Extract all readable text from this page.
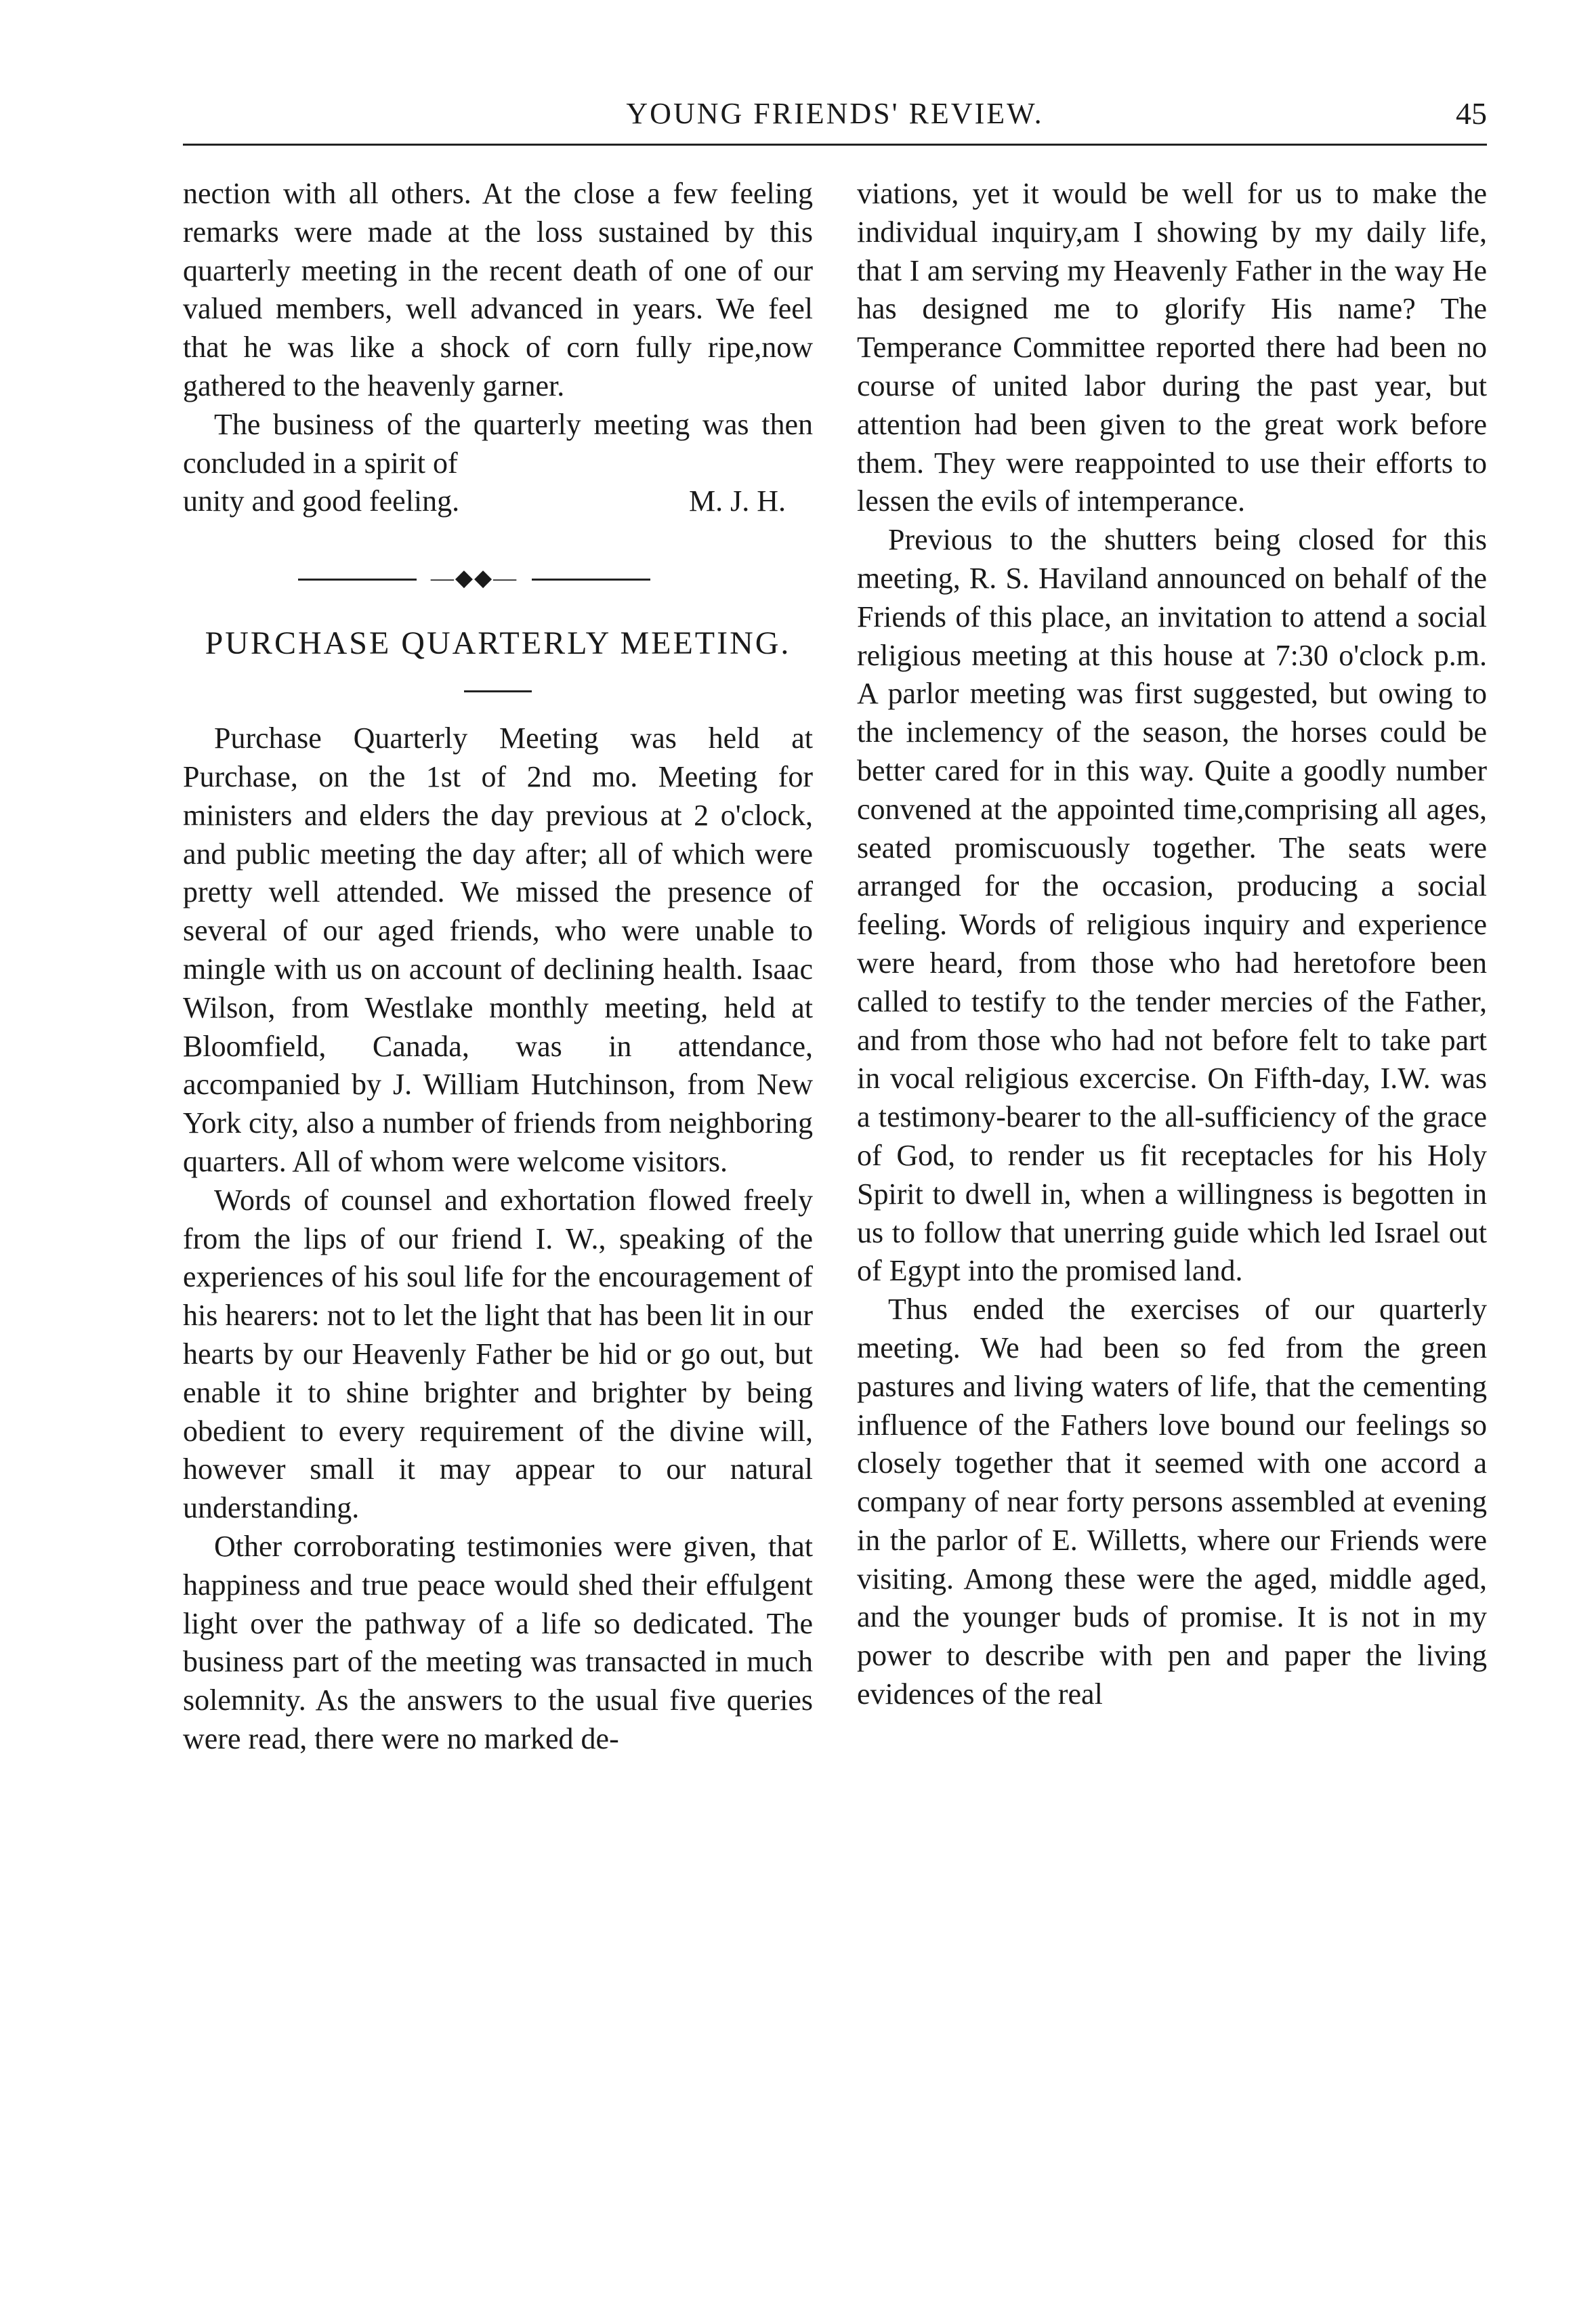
YOUNG FRIENDS' REVIEW.	45

nection with all others. At the close a few feeling remarks were made at the loss sustained by this quarterly meeting in the recent death of one of our valued members, well advanced in years. We feel that he was like a shock of corn fully ripe,now gathered to the heavenly garner.

The business of the quarterly meeting was then concluded in a spirit of

unity and good feeling.	M. J. H.
—◆◆—
PURCHASE QUARTERLY MEETING.

Purchase Quarterly Meeting was held at Purchase, on the 1st of 2nd mo. Meeting for ministers and elders the day previous at 2 o'clock, and public meeting the day after; all of which were pretty well attended. We missed the presence of several of our aged friends, who were unable to mingle with us on account of declining health. Isaac Wilson, from Westlake monthly meeting, held at Bloomfield, Canada, was in attendance, accompanied by J. William Hutchinson, from New York city, also a number of friends from neighboring quarters. All of whom were welcome visitors.

Words of counsel and exhortation flowed freely from the lips of our friend I. W., speaking of the experiences of his soul life for the encouragement of his hearers: not to let the light that has been lit in our hearts by our Heavenly Father be hid or go out, but enable it to shine brighter and brighter by being obedient to every requirement of the divine will, however small it may appear to our natural understanding.

Other corroborating testimonies were given, that happiness and true peace would shed their effulgent light over the pathway of a life so dedicated. The business part of the meeting was transacted in much solemnity. As the answers to the usual five queries were read, there were no marked de-

viations, yet it would be well for us to make the individual inquiry,am I showing by my daily life, that I am serving my Heavenly Father in the way He has designed me to glorify His name? The Temperance Committee reported there had been no course of united labor during the past year, but attention had been given to the great work before them. They were reappointed to use their efforts to lessen the evils of intemperance.

Previous to the shutters being closed for this meeting, R. S. Haviland announced on behalf of the Friends of this place, an invitation to attend a social religious meeting at this house at 7:30 o'clock p.m. A parlor meeting was first suggested, but owing to the inclemency of the season, the horses could be better cared for in this way. Quite a goodly number convened at the appointed time,comprising all ages, seated promiscuously together. The seats were arranged for the occasion, producing a social feeling. Words of religious inquiry and experience were heard, from those who had heretofore been called to testify to the tender mercies of the Father, and from those who had not before felt to take part in vocal religious excercise. On Fifth-day, I.W. was a testimony-bearer to the all-sufficiency of the grace of God, to render us fit receptacles for his Holy Spirit to dwell in, when a willingness is begotten in us to follow that unerring guide which led Israel out of Egypt into the promised land.

Thus ended the exercises of our quarterly meeting. We had been so fed from the green pastures and living waters of life, that the cementing influence of the Fathers love bound our feelings so closely together that it seemed with one accord a company of near forty persons assembled at evening in the parlor of E. Willetts, where our Friends were visiting. Among these were the aged, middle aged, and the younger buds of promise. It is not in my power to describe with pen and paper the living evidences of the real
